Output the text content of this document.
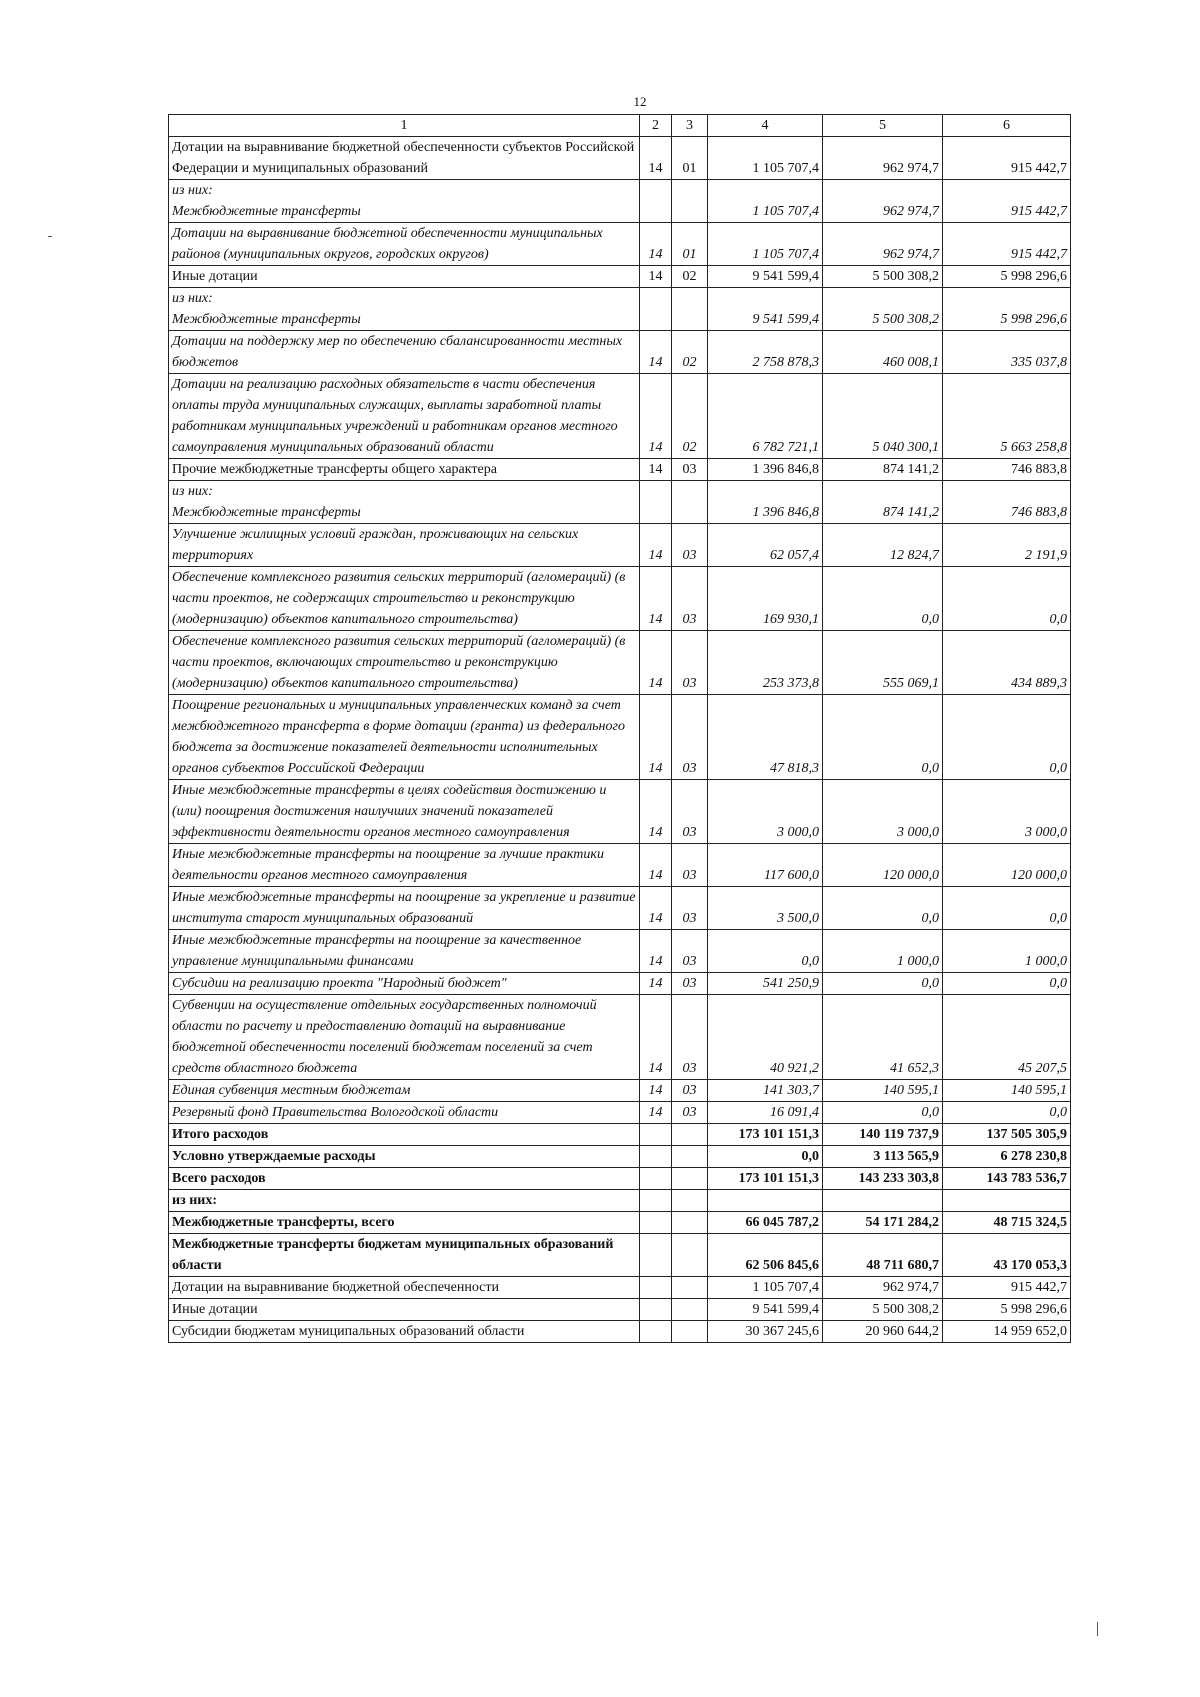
12
1	2	3	4	5	6
Дотации на выравнивание бюджетной обеспеченности субъектов Российской Федерации и муниципальных образований	14	01	1 105 707,4	962 974,7	915 442,7

из них:
Межбюджетные трансферты			1 105 707,4	962 974,7	915 442,7
Дотации на выравнивание бюджетной обеспеченности муниципальных районов (муниципальных округов, городских округов)	14	01	1 105 707,4	962 974,7	915 442,7
Иные дотации	14	02	9 541 599,4	5 500 308,2	5 998 296,6

из них:
Межбюджетные трансферты			9 541 599,4	5 500 308,2	5 998 296,6
Дотации на поддержку мер по обеспечению сбалансированности местных бюджетов	14	02	2 758 878,3	460 008,1	335 037,8
Дотации на реализацию расходных обязательств в части обеспечения оплаты труда муниципальных служащих, выплаты заработной платы работникам муниципальных учреждений и работникам органов местного самоуправления муниципальных образований области	14	02	6 782 721,1	5 040 300,1	5 663 258,8
Прочие межбюджетные трансферты общего характера	14	03	1 396 846,8	874 141,2	746 883,8

из них:
Межбюджетные трансферты			1 396 846,8	874 141,2	746 883,8
Улучшение жилищных условий граждан, проживающих на сельских территориях	14	03	62 057,4	12 824,7	2 191,9
Обеспечение комплексного развития сельских территорий (агломераций) (в части проектов, не содержащих строительство и реконструкцию (модернизацию) объектов капитального строительства)	14	03	169 930,1	0,0	0,0
Обеспечение комплексного развития сельских территорий (агломераций) (в части проектов, включающих строительство и реконструкцию (модернизацию) объектов капитального строительства)	14	03	253 373,8	555 069,1	434 889,3
Поощрение региональных и муниципальных управленческих команд за счет межбюджетного трансферта в форме дотации (гранта) из федерального бюджета за достижение показателей деятельности исполнительных органов субъектов Российской Федерации	14	03	47 818,3	0,0	0,0
Иные межбюджетные трансферты в целях содействия достижению и (или) поощрения достижения наилучших значений показателей эффективности деятельности органов местного самоуправления	14	03	3 000,0	3 000,0	3 000,0
Иные межбюджетные трансферты на поощрение за лучшие практики деятельности органов местного самоуправления	14	03	117 600,0	120 000,0	120 000,0
Иные межбюджетные трансферты на поощрение за укрепление и развитие института старост муниципальных образований	14	03	3 500,0	0,0	0,0
Иные межбюджетные трансферты на поощрение за качественное управление муниципальными финансами	14	03	0,0	1 000,0	1 000,0
Субсидии на реализацию проекта "Народный бюджет"	14	03	541 250,9	0,0	0,0
Субвенции на осуществление отдельных государственных полномочий области по расчету и предоставлению дотаций на выравнивание бюджетной обеспеченности поселений бюджетам поселений за счет средств областного бюджета	14	03	40 921,2	41 652,3	45 207,5
Единая субвенция местным бюджетам	14	03	141 303,7	140 595,1	140 595,1
Резервный фонд Правительства Вологодской области	14	03	16 091,4	0,0	0,0
Итого расходов			173 101 151,3	140 119 737,9	137 505 305,9
Условно утверждаемые расходы			0,0	3 113 565,9	6 278 230,8
Всего расходов			173 101 151,3	143 233 303,8	143 783 536,7
из них:					
Межбюджетные трансферты, всего			66 045 787,2	54 171 284,2	48 715 324,5
Межбюджетные трансферты бюджетам муниципальных образований области			62 506 845,6	48 711 680,7	43 170 053,3
Дотации на выравнивание бюджетной обеспеченности			1 105 707,4	962 974,7	915 442,7
Иные дотации			9 541 599,4	5 500 308,2	5 998 296,6
Субсидии бюджетам муниципальных образований области			30 367 245,6	20 960 644,2	14 959 652,0
